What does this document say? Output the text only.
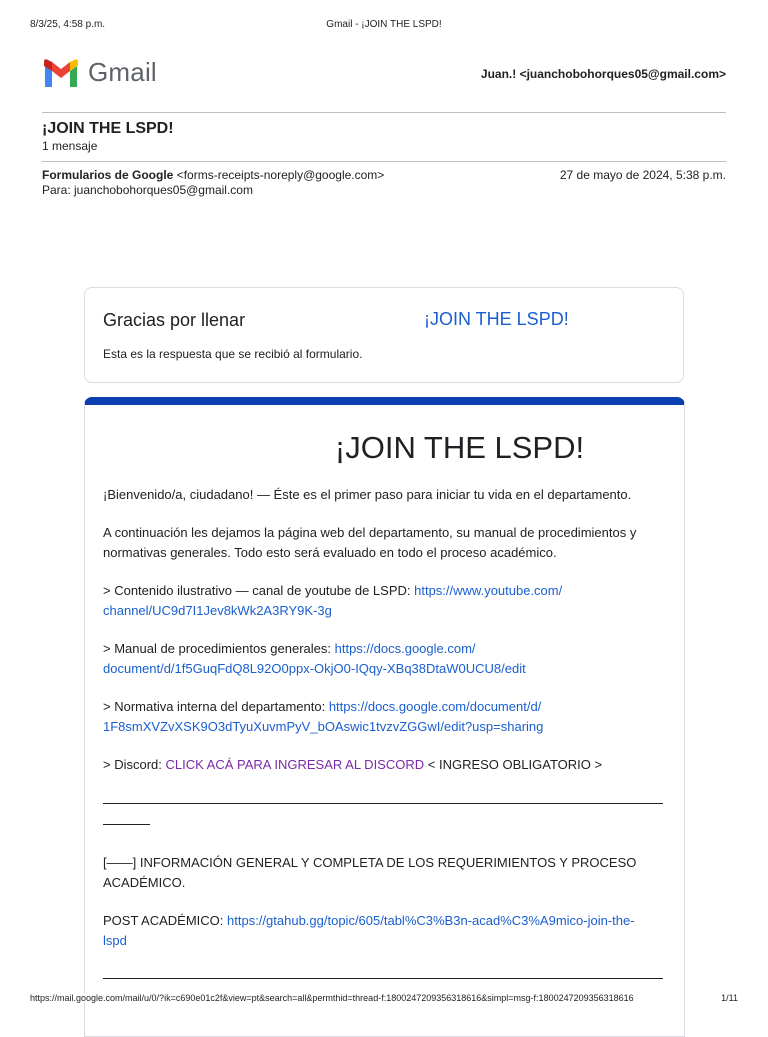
8/3/25, 4:58 p.m.	Gmail - ¡JOIN THE LSPD!
Gmail	Juan.! <juanchobohorques05@gmail.com>
¡JOIN THE LSPD!
1 mensaje
Formularios de Google <forms-receipts-noreply@google.com>
Para: juanchobohorques05@gmail.com
27 de mayo de 2024, 5:38 p.m.
Gracias por llenar	¡JOIN THE LSPD!
Esta es la respuesta que se recibió al formulario.
¡JOIN THE LSPD!
¡Bienvenido/a, ciudadano! — Éste es el primer paso para iniciar tu vida en el departamento.
A continuación les dejamos la página web del departamento, su manual de procedimientos y normativas generales. Todo esto será evaluado en todo el proceso académico.
> Contenido ilustrativo — canal de youtube de LSPD: https://www.youtube.com/
channel/UC9d7I1Jev8kWk2A3RY9K-3g
> Manual de procedimientos generales: https://docs.google.com/
document/d/1f5GuqFdQ8L92O0ppx-OkjO0-IQqy-XBq38DtaW0UCU8/edit
> Normativa interna del departamento: https://docs.google.com/document/d/
1F8smXVZvXSK9O3dTyuXuvmPyV_bOAswic1tvzvZGGwI/edit?usp=sharing
> Discord: CLICK ACÁ PARA INGRESAR AL DISCORD < INGRESO OBLIGATORIO >
[——] INFORMACIÓN GENERAL Y COMPLETA DE LOS REQUERIMIENTOS Y PROCESO
ACADÉMICO.
POST ACADÉMICO: https://gtahub.gg/topic/605/tabl%C3%B3n-acad%C3%A9mico-join-the-
lspd
https://mail.google.com/mail/u/0/?ik=c690e01c2f&view=pt&search=all&permthid=thread-f:1800247209356318616&simpl=msg-f:1800247209356318616	1/11
